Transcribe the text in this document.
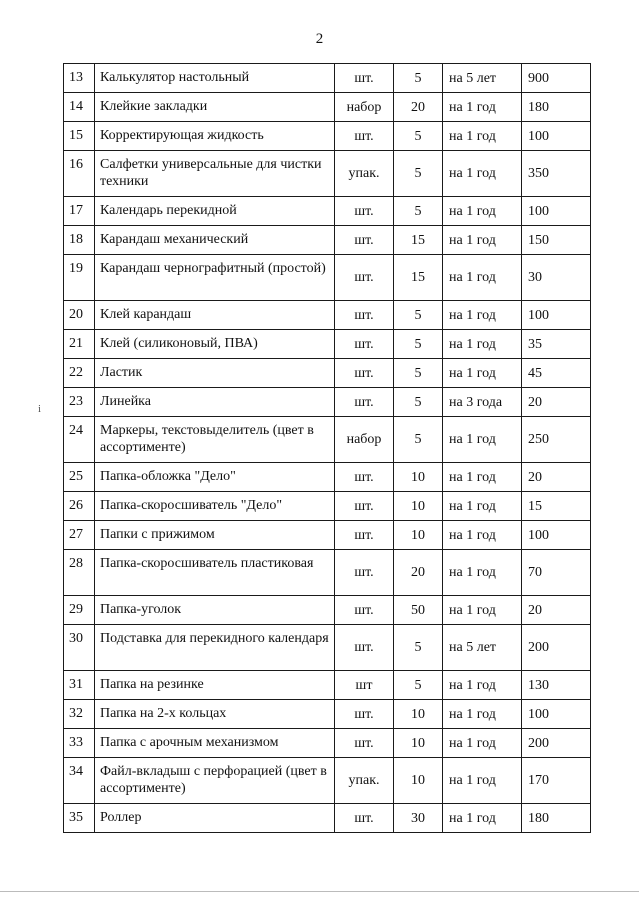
2
i
13	Калькулятор настольный	шт.	5	на 5 лет	900
14	Клейкие закладки	набор	20	на 1 год	180
15	Корректирующая жидкость	шт.	5	на 1 год	100
16	Салфетки универсальные для чистки техники	упак.	5	на 1 год	350
17	Календарь перекидной	шт.	5	на 1 год	100
18	Карандаш механический	шт.	15	на 1 год	150
19	Карандаш чернографитный (простой)	шт.	15	на 1 год	30
20	Клей карандаш	шт.	5	на 1 год	100
21	Клей (силиконовый, ПВА)	шт.	5	на 1 год	35
22	Ластик	шт.	5	на 1 год	45
23	Линейка	шт.	5	на 3 года	20
24	Маркеры, текстовыделитель (цвет в ассортименте)	набор	5	на 1 год	250
25	Папка-обложка "Дело"	шт.	10	на 1 год	20
26	Папка-скоросшиватель "Дело"	шт.	10	на 1 год	15
27	Папки с прижимом	шт.	10	на 1 год	100
28	Папка-скоросшиватель пластиковая	шт.	20	на 1 год	70
29	Папка-уголок	шт.	50	на 1 год	20
30	Подставка для перекидного календаря	шт.	5	на 5 лет	200
31	Папка на резинке	шт	5	на 1 год	130
32	Папка на 2-х кольцах	шт.	10	на 1 год	100
33	Папка с арочным механизмом	шт.	10	на 1 год	200
34	Файл-вкладыш с перфорацией (цвет в ассортименте)	упак.	10	на 1 год	170
35	Роллер	шт.	30	на 1 год	180
